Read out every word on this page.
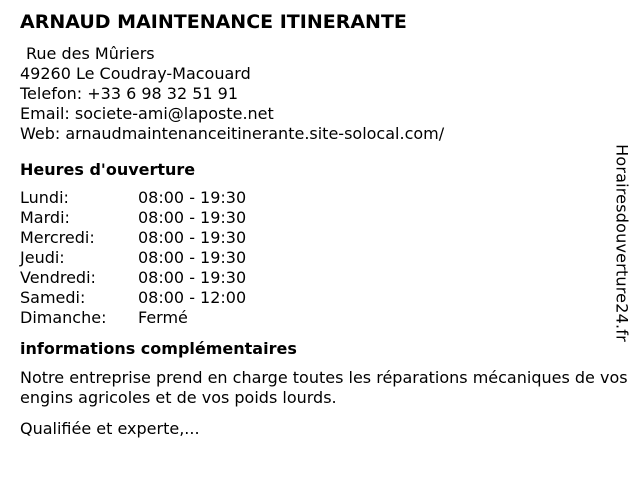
ARNAUD MAINTENANCE ITINERANTE
Rue des Mûriers
49260 Le Coudray-Macouard
Telefon: +33 6 98 32 51 91
Email: societe-ami@laposte.net
Web: arnaudmaintenanceitinerante.site-solocal.com/
Heures d'ouverture
Lundi:	08:00 - 19:30
Mardi:	08:00 - 19:30
Mercredi:	08:00 - 19:30
Jeudi:	08:00 - 19:30
Vendredi:	08:00 - 19:30
Samedi:	08:00 - 12:00
Dimanche:	Fermé
informations complémentaires

Notre entreprise prend en charge toutes les réparations mécaniques de vos engins agricoles et de vos poids lourds.

Qualifiée et experte,...
Horairesdouverture24.fr
